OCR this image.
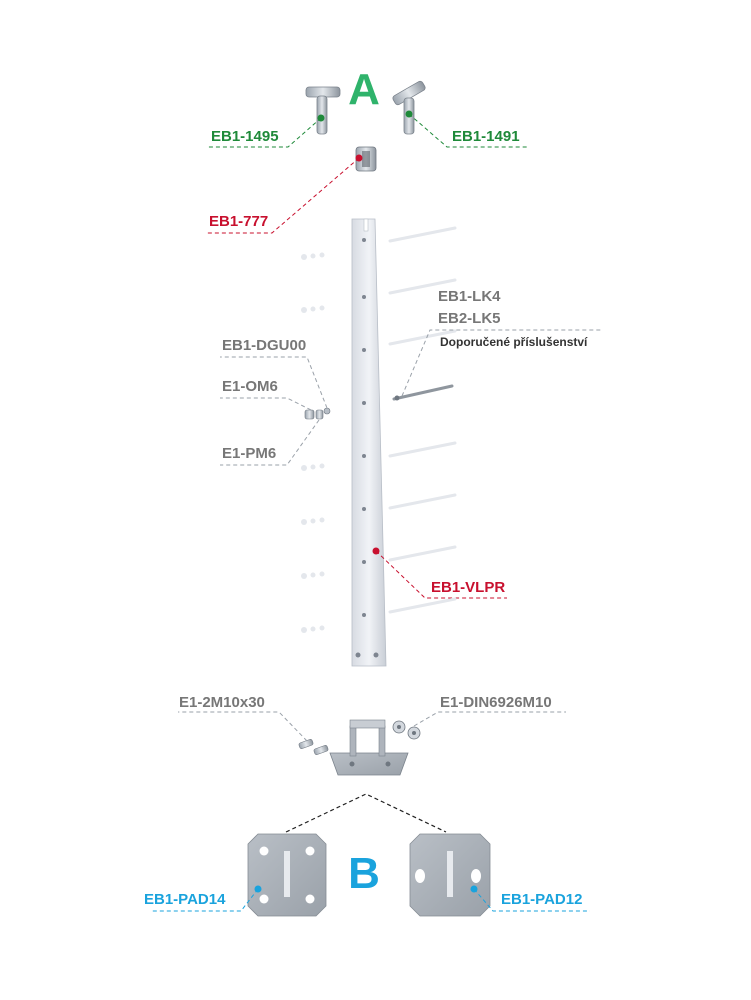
A
B
EB1-1495	EB1-1491
EB1-777
EB1-VLPR
EB1-LK4
EB2-LK5
Doporučené příslušenství
EB1-DGU00
E1-OM6
E1-PM6
E1-2M10x30	E1-DIN6926M10
EB1-PAD14	EB1-PAD12
